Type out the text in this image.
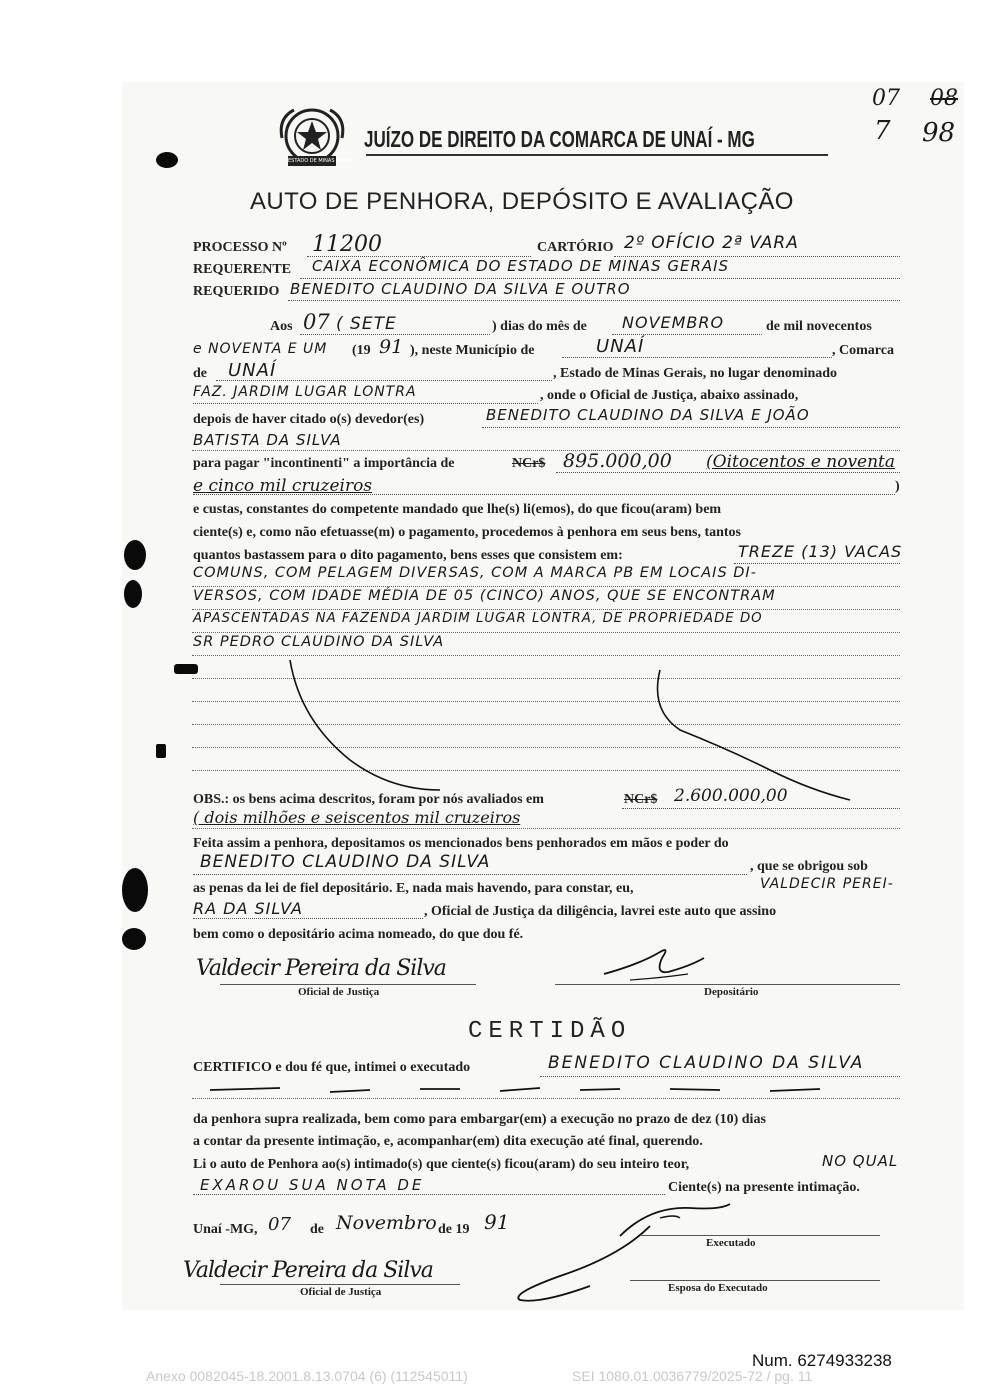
ESTADO DE MINAS GERAIS
JUÍZO DE DIREITO DA COMARCA DE UNAÍ - MG
07 08
7 98
AUTO DE PENHORA, DEPÓSITO E AVALIAÇÃO
PROCESSO Nº 11200	CARTÓRIO 2º OFÍCIO 2ª VARA
REQUERENTE CAIXA ECONÔMICA DO ESTADO DE MINAS GERAIS
REQUERIDO BENEDITO CLAUDINO DA SILVA E OUTRO
Aos 07 ( SETE	) dias do mês de NOVEMBRO	de mil novecentos
e NOVENTA E UM (19 91 ), neste Município de	UNAÍ	, Comarca
de UNAÍ	, Estado de Minas Gerais, no lugar denominado
FAZ. JARDIM LUGAR LONTRA	, onde o Oficial de Justiça, abaixo assinado,
depois de haver citado o(s) devedor(es)	BENEDITO CLAUDINO DA SILVA E JOÃO
BATISTA DA SILVA
para pagar "incontinenti" a importância de	NCr$ 895.000,00 (Oitocentos e noventa
e cinco mil cruzeiros	)
e custas, constantes do competente mandado que lhe(s) li(emos), do que ficou(aram) bem
ciente(s) e, como não efetuasse(m) o pagamento, procedemos à penhora em seus bens, tantos
quantos bastassem para o dito pagamento, bens esses que consistem em:	TREZE (13) VACAS
COMUNS, COM PELAGEM DIVERSAS, COM A MARCA PB EM LOCAIS DI-
VERSOS, COM IDADE MÉDIA DE 05 (CINCO) ANOS, QUE SE ENCONTRAM
APASCENTADAS NA FAZENDA JARDIM LUGAR LONTRA, DE PROPRIEDADE DO
SR PEDRO CLAUDINO DA SILVA
OBS.: os bens acima descritos, foram por nós avaliados em	NCr$ 2.600.000,00
( dois milhões e seiscentos mil cruzeiros
Feita assim a penhora, depositamos os mencionados bens penhorados em mãos e poder do
BENEDITO CLAUDINO DA SILVA	, que se obrigou sob
as penas da lei de fiel depositário. E, nada mais havendo, para constar, eu,	VALDECIR PEREI-
RA DA SILVA	, Oficial de Justiça da diligência, lavrei este auto que assino
bem como o depositário acima nomeado, do que dou fé.
Valdecir Pereira da Silva
Oficial de Justiça	Depositário
CERTIDÃO
CERTIFICO e dou fé que, intimei o executado	BENEDITO CLAUDINO DA SILVA
da penhora supra realizada, bem como para embargar(em) a execução no prazo de dez (10) dias
a contar da presente intimação, e, acompanhar(em) dita execução até final, querendo.
Li o auto de Penhora ao(s) intimado(s) que ciente(s) ficou(aram) do seu inteiro teor,	NO QUAL
EXAROU SUA NOTA DE	Ciente(s) na presente intimação.
Unaí -MG, 07 de Novembro de 19 91
Executado
Valdecir Pereira da Silva
Oficial de Justiça	Esposa do Executado
Num. 6274933238
Anexo 0082045-18.2001.8.13.0704 (6) (112545011)	SEI 1080.01.0036779/2025-72 / pg. 11
